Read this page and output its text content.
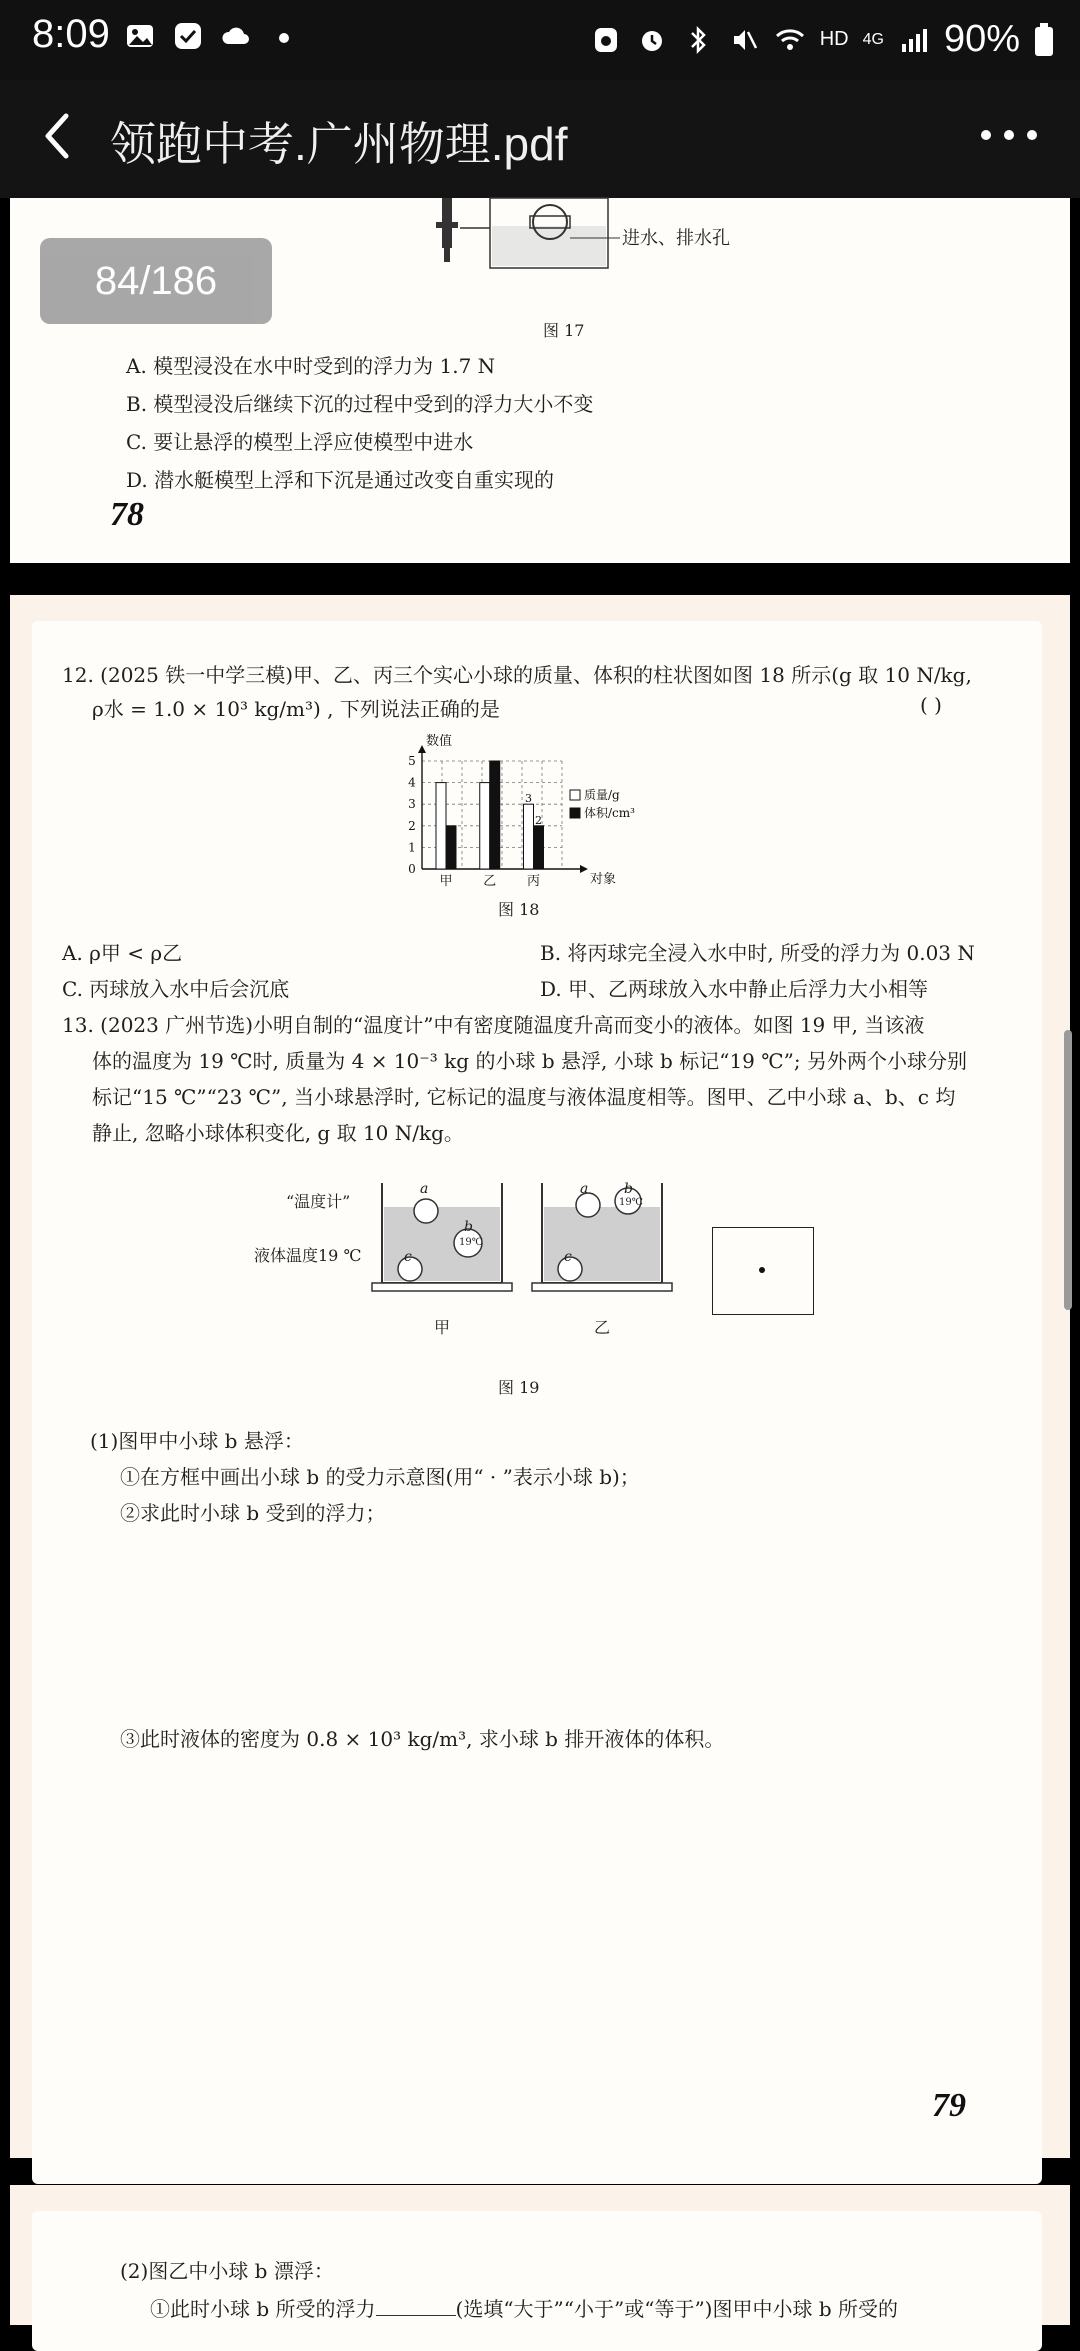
8:09	HD 4G 90%
领跑中考.广州物理.pdf
进水、排水孔
图 17
A. 模型浸没在水中时受到的浮力为 1.7 N
B. 模型浸没后继续下沉的过程中受到的浮力大小不变
C. 要让悬浮的模型上浮应使模型中进水
D. 潜水艇模型上浮和下沉是通过改变自重实现的
78
84/186
12. (2025 铁一中学三模)甲、乙、丙三个实心小球的质量、体积的柱状图如图 18 所示(g 取 10 N/kg,
ρ水 = 1.0 × 10³ kg/m³) , 下列说法正确的是	( )
数值
对象
0
1
2
3
4
5
甲 乙 丙
3
2
质量/g
体积/cm³
图 18
A. ρ甲 < ρ乙	B. 将丙球完全浸入水中时, 所受的浮力为 0.03 N
C. 丙球放入水中后会沉底	D. 甲、乙两球放入水中静止后浮力大小相等
13. (2023 广州节选)小明自制的“温度计”中有密度随温度升高而变小的液体。如图 19 甲, 当该液
体的温度为 19 ℃时, 质量为 4 × 10⁻³ kg 的小球 b 悬浮, 小球 b 标记“19 ℃”; 另外两个小球分别
标记“15 ℃”“23 ℃”, 当小球悬浮时, 它标记的温度与液体温度相等。图甲、乙中小球 a、b、c 均
静止, 忽略小球体积变化, g 取 10 N/kg。
“温度计”
液体温度19 ℃
a
b
19℃
c
a	b
19℃
c
甲	乙
图 19
(1)图甲中小球 b 悬浮：
①在方框中画出小球 b 的受力示意图(用“ · ”表示小球 b)；
②求此时小球 b 受到的浮力；
③此时液体的密度为 0.8 × 10³ kg/m³, 求小球 b 排开液体的体积。
79
(2)图乙中小球 b 漂浮：
①此时小球 b 所受的浮力	(选填“大于”“小于”或“等于”)图甲中小球 b 所受的
